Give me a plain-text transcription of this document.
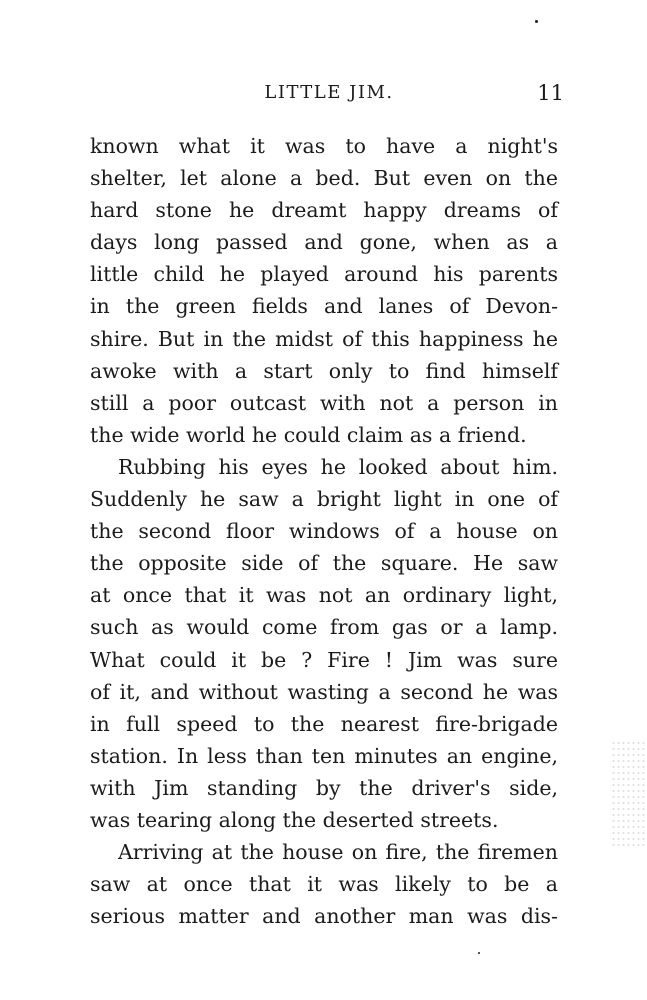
LITTLE JIM.	11
known what it was to have a night's
shelter, let alone a bed. But even on the
hard stone he dreamt happy dreams of
days long passed and gone, when as a
little child he played around his parents
in the green fields and lanes of Devon-
shire. But in the midst of this happiness he
awoke with a start only to find himself
still a poor outcast with not a person in
the wide world he could claim as a friend.
Rubbing his eyes he looked about him.
Suddenly he saw a bright light in one of
the second floor windows of a house on
the opposite side of the square. He saw
at once that it was not an ordinary light,
such as would come from gas or a lamp.
What could it be ? Fire ! Jim was sure
of it, and without wasting a second he was
in full speed to the nearest fire-brigade
station. In less than ten minutes an engine,
with Jim standing by the driver's side,
was tearing along the deserted streets.
Arriving at the house on fire, the firemen
saw at once that it was likely to be a
serious matter and another man was dis-
